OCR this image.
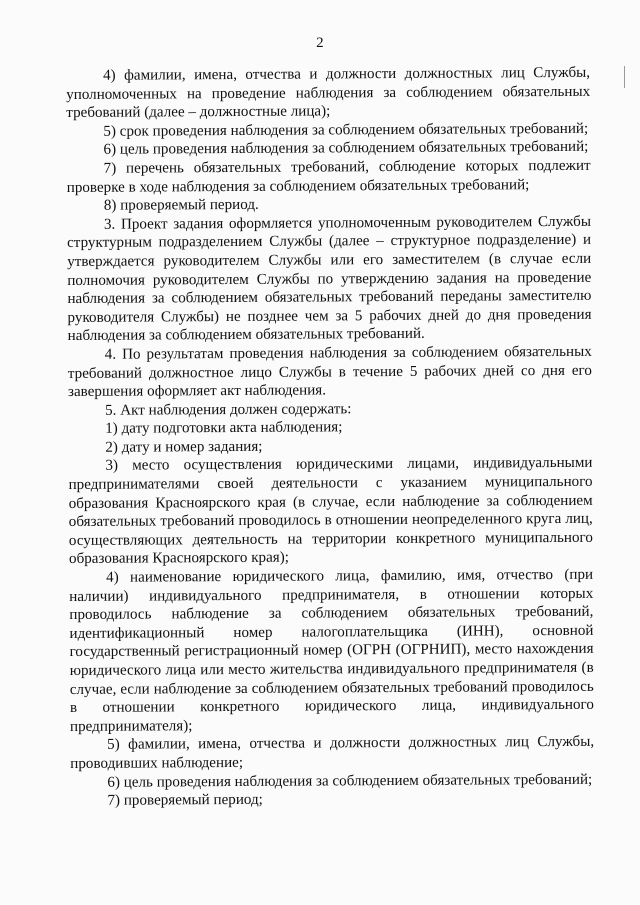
2

4) фамилии, имена, отчества и должности должностных лиц Службы, уполномоченных на проведение наблюдения за соблюдением обязательных требований (далее – должностные лица);

5) срок проведения наблюдения за соблюдением обязательных требований;

6) цель проведения наблюдения за соблюдением обязательных требований;

7) перечень обязательных требований, соблюдение которых подлежит проверке в ходе наблюдения за соблюдением обязательных требований;

8) проверяемый период.

3. Проект задания оформляется уполномоченным руководителем Службы структурным подразделением Службы (далее – структурное подразделение) и утверждается руководителем Службы или его заместителем (в случае если полномочия руководителем Службы по утверждению задания на проведение наблюдения за соблюдением обязательных требований переданы заместителю руководителя Службы) не позднее чем за 5 рабочих дней до дня проведения наблюдения за соблюдением обязательных требований.

4. По результатам проведения наблюдения за соблюдением обязательных требований должностное лицо Службы в течение 5 рабочих дней со дня его завершения оформляет акт наблюдения.

5. Акт наблюдения должен содержать:

1) дату подготовки акта наблюдения;

2) дату и номер задания;

3) место осуществления юридическими лицами, индивидуальными предпринимателями своей деятельности с указанием муниципального образования Красноярского края (в случае, если наблюдение за соблюдением обязательных требований проводилось в отношении неопределенного круга лиц, осуществляющих деятельность на территории конкретного муниципального образования Красноярского края);

4) наименование юридического лица, фамилию, имя, отчество (при наличии) индивидуального предпринимателя, в отношении которых проводилось наблюдение за соблюдением обязательных требований, идентификационный номер налогоплательщика (ИНН), основной государственный регистрационный номер (ОГРН (ОГРНИП), место нахождения юридического лица или место жительства индивидуального предпринимателя (в случае, если наблюдение за соблюдением обязательных требований проводилось в отношении конкретного юридического лица, индивидуального предпринимателя);

5) фамилии, имена, отчества и должности должностных лиц Службы, проводивших наблюдение;

6) цель проведения наблюдения за соблюдением обязательных требований;

7) проверяемый период;
